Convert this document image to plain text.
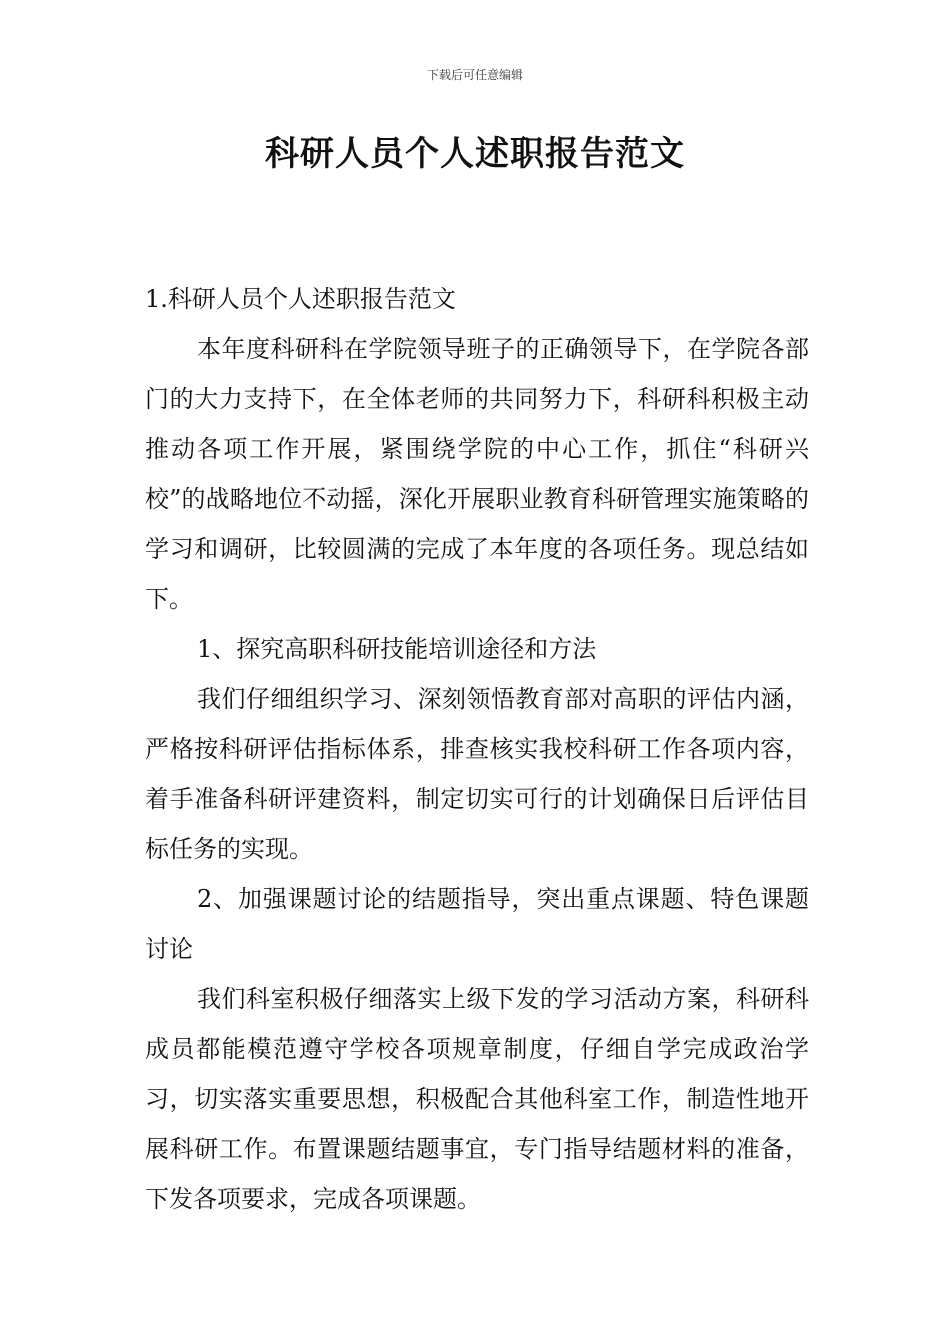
下载后可任意编辑
科研人员个人述职报告范文

1.科研人员个人述职报告范文

本年度科研科在学院领导班子的正确领导下，在学院各部门的大力支持下，在全体老师的共同努力下，科研科积极主动推动各项工作开展，紧围绕学院的中心工作，抓住“科研兴校”的战略地位不动摇，深化开展职业教育科研管理实施策略的学习和调研，比较圆满的完成了本年度的各项任务。现总结如下。

1、探究高职科研技能培训途径和方法

我们仔细组织学习、深刻领悟教育部对高职的评估内涵，严格按科研评估指标体系，排查核实我校科研工作各项内容，着手准备科研评建资料，制定切实可行的计划确保日后评估目标任务的实现。

2、加强课题讨论的结题指导，突出重点课题、特色课题讨论

我们科室积极仔细落实上级下发的学习活动方案，科研科成员都能模范遵守学校各项规章制度，仔细自学完成政治学习，切实落实重要思想，积极配合其他科室工作，制造性地开展科研工作。布置课题结题事宜，专门指导结题材料的准备，下发各项要求，完成各项课题。
